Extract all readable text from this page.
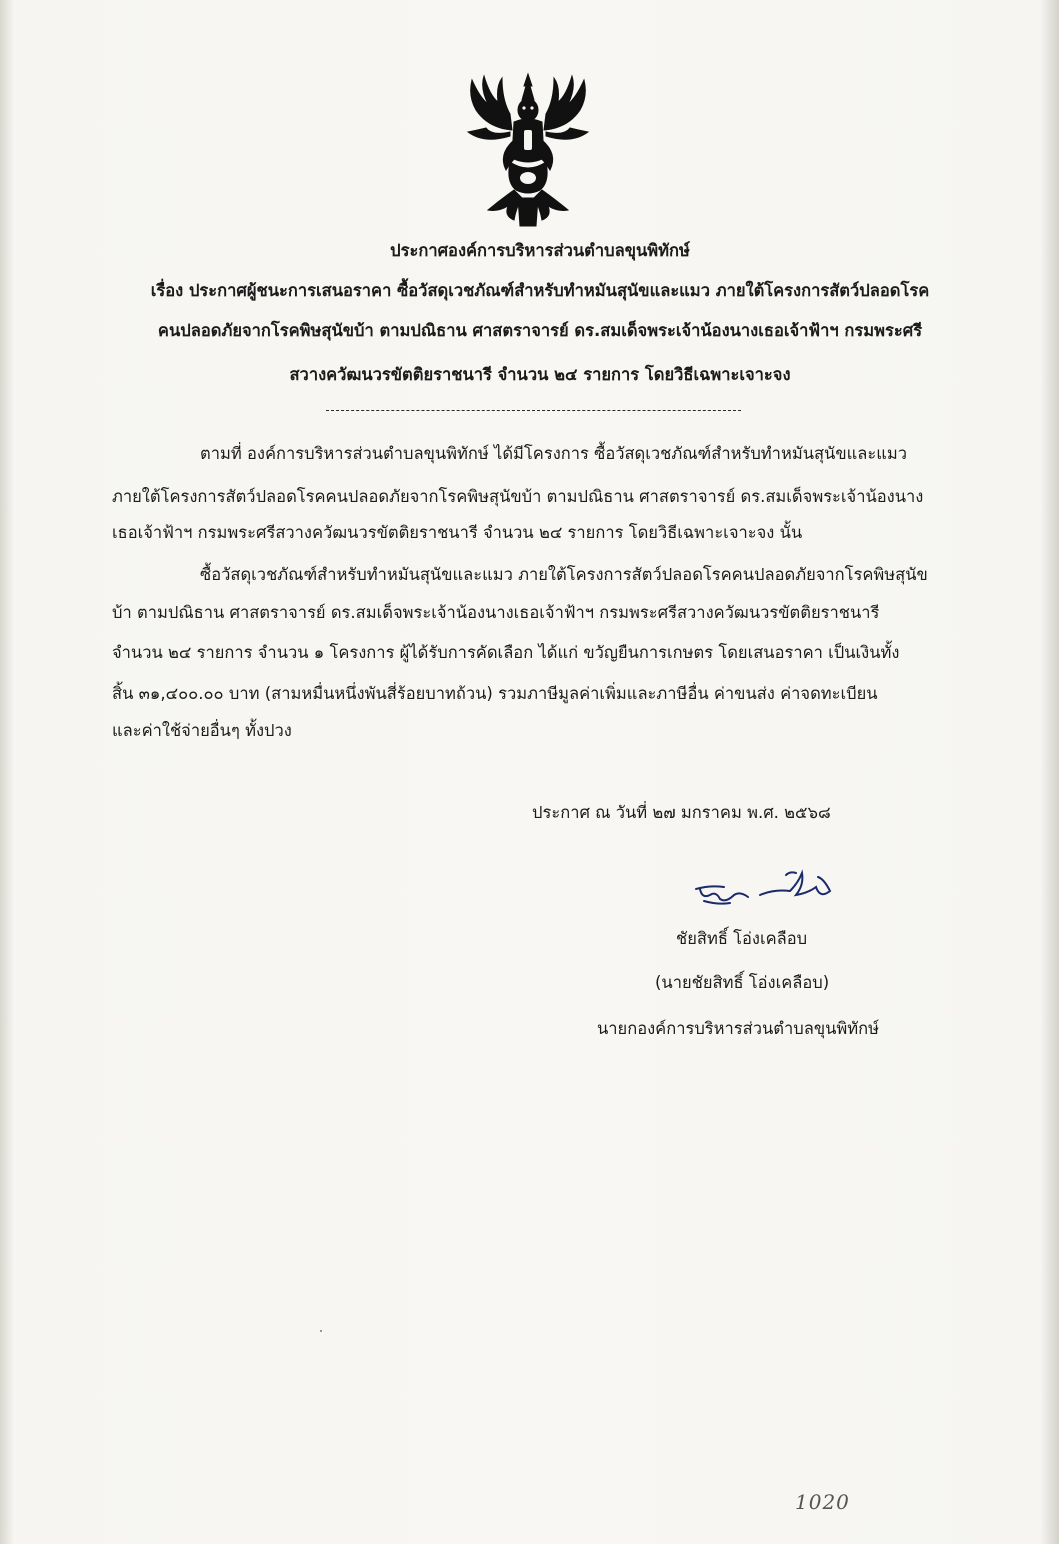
ประกาศองค์การบริหารส่วนตำบลขุนพิทักษ์
เรื่อง ประกาศผู้ชนะการเสนอราคา ซื้อวัสดุเวชภัณฑ์สำหรับทำหมันสุนัขและแมว ภายใต้โครงการสัตว์ปลอดโรค
คนปลอดภัยจากโรคพิษสุนัขบ้า ตามปณิธาน ศาสตราจารย์ ดร.สมเด็จพระเจ้าน้องนางเธอเจ้าฟ้าฯ กรมพระศรี
สวางควัฒนวรขัตติยราชนารี จำนวน ๒๔ รายการ โดยวิธีเฉพาะเจาะจง
ตามที่ องค์การบริหารส่วนตำบลขุนพิทักษ์ ได้มีโครงการ ซื้อวัสดุเวชภัณฑ์สำหรับทำหมันสุนัขและแมว
ภายใต้โครงการสัตว์ปลอดโรคคนปลอดภัยจากโรคพิษสุนัขบ้า ตามปณิธาน ศาสตราจารย์ ดร.สมเด็จพระเจ้าน้องนาง
เธอเจ้าฟ้าฯ กรมพระศรีสวางควัฒนวรขัตติยราชนารี จำนวน ๒๔ รายการ โดยวิธีเฉพาะเจาะจง นั้น
ซื้อวัสดุเวชภัณฑ์สำหรับทำหมันสุนัขและแมว ภายใต้โครงการสัตว์ปลอดโรคคนปลอดภัยจากโรคพิษสุนัข
บ้า ตามปณิธาน ศาสตราจารย์ ดร.สมเด็จพระเจ้าน้องนางเธอเจ้าฟ้าฯ กรมพระศรีสวางควัฒนวรขัตติยราชนารี
จำนวน ๒๔ รายการ จำนวน ๑ โครงการ ผู้ได้รับการคัดเลือก ได้แก่ ขวัญยืนการเกษตร โดยเสนอราคา เป็นเงินทั้ง
สิ้น ๓๑,๔๐๐.๐๐ บาท (สามหมื่นหนึ่งพันสี่ร้อยบาทถ้วน) รวมภาษีมูลค่าเพิ่มและภาษีอื่น ค่าขนส่ง ค่าจดทะเบียน
และค่าใช้จ่ายอื่นๆ ทั้งปวง
ประกาศ ณ วันที่ ๒๗ มกราคม พ.ศ. ๒๕๖๘
ชัยสิทธิ์ โอ่งเคลือบ
(นายชัยสิทธิ์ โอ่งเคลือบ)
นายกองค์การบริหารส่วนตำบลขุนพิทักษ์
1020
